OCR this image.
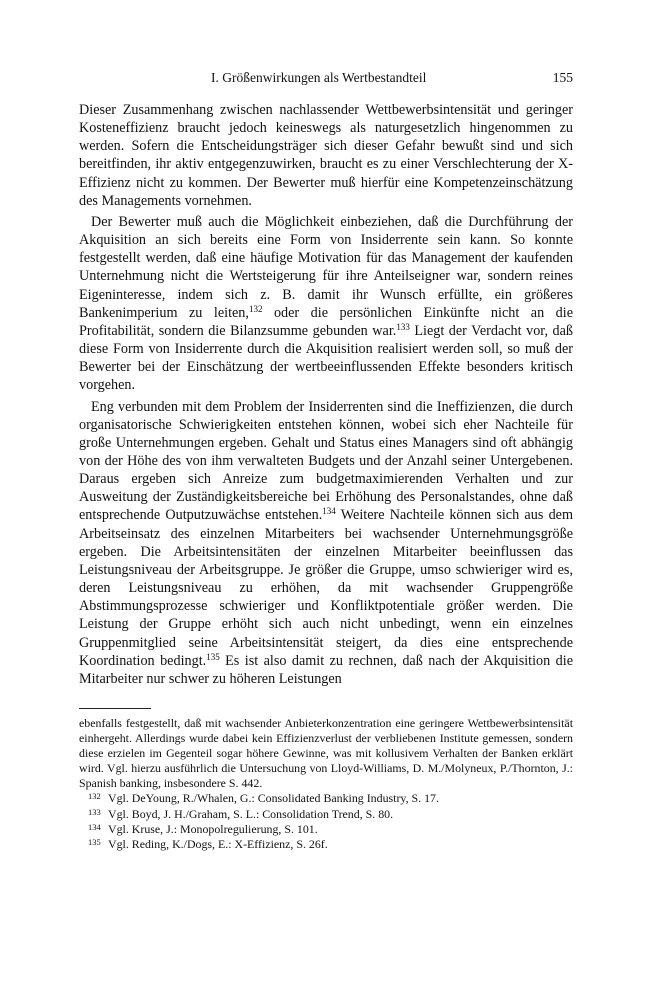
I. Größenwirkungen als Wertbestandteil	155

Dieser Zusammenhang zwischen nachlassender Wettbewerbsintensität und geringer Kosteneffizienz braucht jedoch keineswegs als naturgesetzlich hingenommen zu werden. Sofern die Entscheidungsträger sich dieser Gefahr bewußt sind und sich bereitfinden, ihr aktiv entgegenzuwirken, braucht es zu einer Verschlechterung der X-Effizienz nicht zu kommen. Der Bewerter muß hierfür eine Kompetenzeinschätzung des Managements vornehmen.

Der Bewerter muß auch die Möglichkeit einbeziehen, daß die Durchführung der Akquisition an sich bereits eine Form von Insiderrente sein kann. So konnte festgestellt werden, daß eine häufige Motivation für das Management der kaufenden Unternehmung nicht die Wertsteigerung für ihre Anteilseigner war, sondern reines Eigeninteresse, indem sich z. B. damit ihr Wunsch erfüllte, ein größeres Bankenimperium zu leiten,$^{132}$ oder die persönlichen Einkünfte nicht an die Profitabilität, sondern die Bilanzsumme gebunden war.$^{133}$ Liegt der Verdacht vor, daß diese Form von Insiderrente durch die Akquisition realisiert werden soll, so muß der Bewerter bei der Einschätzung der wertbeeinflussenden Effekte besonders kritisch vorgehen.

Eng verbunden mit dem Problem der Insiderrenten sind die Ineffizienzen, die durch organisatorische Schwierigkeiten entstehen können, wobei sich eher Nachteile für große Unternehmungen ergeben. Gehalt und Status eines Managers sind oft abhängig von der Höhe des von ihm verwalteten Budgets und der Anzahl seiner Untergebenen. Daraus ergeben sich Anreize zum budgetmaximierenden Verhalten und zur Ausweitung der Zuständigkeitsbereiche bei Erhöhung des Personalstandes, ohne daß entsprechende Outputzuwächse entstehen.$^{134}$ Weitere Nachteile können sich aus dem Arbeitseinsatz des einzelnen Mitarbeiters bei wachsender Unternehmungsgröße ergeben. Die Arbeitsintensitäten der einzelnen Mitarbeiter beeinflussen das Leistungsniveau der Arbeitsgruppe. Je größer die Gruppe, umso schwieriger wird es, deren Leistungsniveau zu erhöhen, da mit wachsender Gruppengröße Abstimmungsprozesse schwieriger und Konfliktpotentiale größer werden. Die Leistung der Gruppe erhöht sich auch nicht unbedingt, wenn ein einzelnes Gruppenmitglied seine Arbeitsintensität steigert, da dies eine entsprechende Koordination bedingt.$^{135}$ Es ist also damit zu rechnen, daß nach der Akquisition die Mitarbeiter nur schwer zu höheren Leistungen

ebenfalls festgestellt, daß mit wachsender Anbieterkonzentration eine geringere Wettbewerbsintensität einhergeht. Allerdings wurde dabei kein Effizienzverlust der verbliebenen Institute gemessen, sondern diese erzielen im Gegenteil sogar höhere Gewinne, was mit kollusivem Verhalten der Banken erklärt wird. Vgl. hierzu ausführlich die Untersuchung von Lloyd-Williams, D. M./Molyneux, P./Thornton, J.: Spanish banking, insbesondere S. 442.

132 Vgl. DeYoung, R./Whalen, G.: Consolidated Banking Industry, S. 17.
133 Vgl. Boyd, J. H./Graham, S. L.: Consolidation Trend, S. 80.
134 Vgl. Kruse, J.: Monopolregulierung, S. 101.
135 Vgl. Reding, K./Dogs, E.: X-Effizienz, S. 26f.
